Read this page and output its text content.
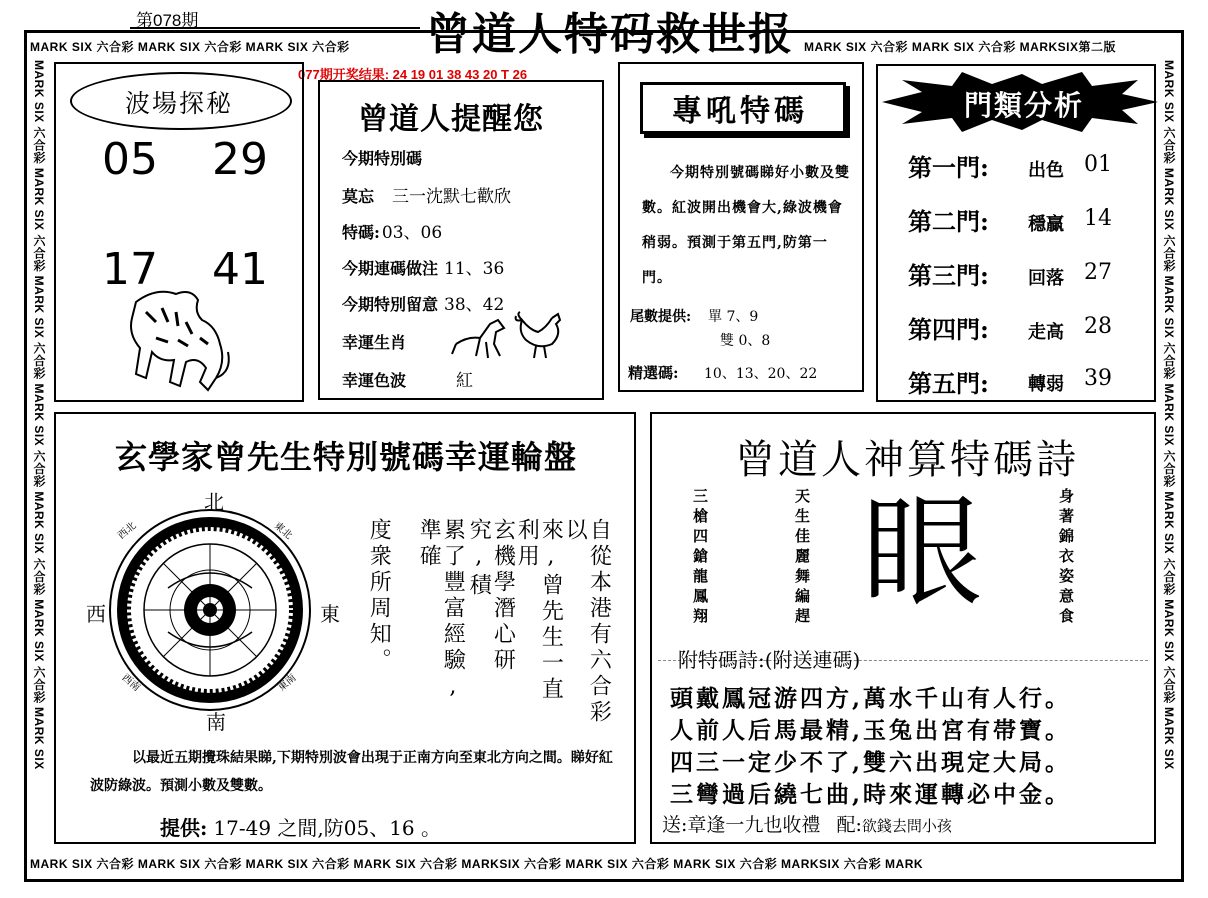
第078期	曾道人特码救世报
MARK SIX 六合彩 MARK SIX 六合彩 MARK SIX 六合彩	MARK SIX 六合彩 MARK SIX 六合彩 MARKSIX第二版
MARK SIX 六合彩 MARK SIX 六合彩 MARK SIX 六合彩 MARK SIX 六合彩 MARKSIX 六合彩 MARK SIX 六合彩 MARK SIX 六合彩 MARKSIX 六合彩 MARK
MARK SIX 六合彩 MARK SIX 六合彩 MARK SIX 六合彩 MARK SIX 六合彩 MARK SIX 六合彩 MARK SIX 六合彩 MARK SIX	MARK SIX 六合彩 MARK SIX 六合彩 MARK SIX 六合彩 MARK SIX 六合彩 MARK SIX 六合彩 MARK SIX 六合彩 MARK SIX
077期开奖结果: 24 19 01 38 43 20 T 26
波場探秘
05 29
17 41
曾道人提醒您
今期特別碼
莫忘 三一沈默七歡欣
特碼: 03、06
今期連碼做注 11、36
今期特別留意 38、42
幸運生肖
幸運色波	紅
專吼特碼
今期特別號碼睇好小數及雙數。紅波開出機會大,綠波機會稍弱。預測于第五門,防第一門。
尾數提供: 單 7、9
雙 0、8
精選碼: 10、13、20、22
門類分析
第一門: 出色 01
第二門: 穩贏 14
第三門: 回落 27
第四門: 走高 28
第五門: 轉弱 39
玄學家曾先生特別號碼幸運輪盤
北
南
西	東
西北	東北
西南	東南	自從本港有六合彩以
來,曾先生一直利用
玄機學潛心研究,積
累了豐富經驗,準確
度衆所周知。
以最近五期攪珠結果睇,下期特別波會出現于正南方向至東北方向之間。睇好紅波防綠波。預測小數及雙數。
提供: 17-49 之間,防05、16 。
曾道人神算特碼詩
三槍四鎗龍鳳翔	天生佳麗舞編趕	身著錦衣姿意食
眼
附特碼詩:(附送連碼)
頭戴鳳冠游四方,萬水千山有人行。
人前人后馬最精,玉兔出宮有帯寶。
四三一定少不了,雙六出現定大局。
三彎過后繞七曲,時來運轉必中金。
送:章逢一九也收禮 配:欲錢去問小孩
